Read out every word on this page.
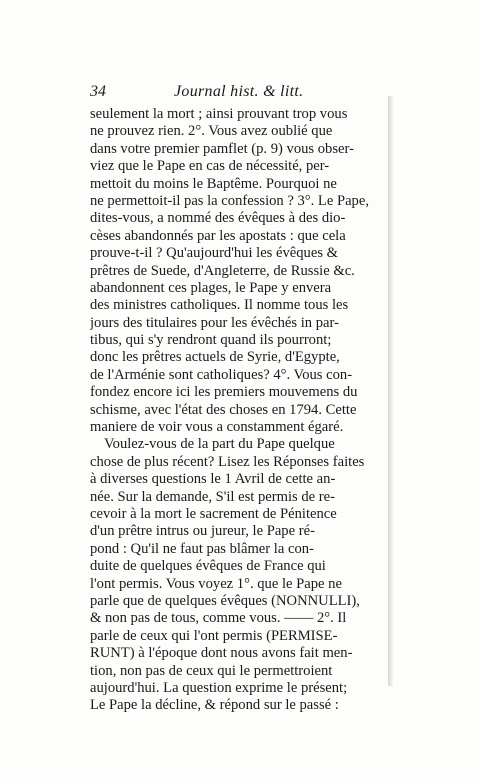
34	Journal hist. & litt.
seulement la mort ; ainsi prouvant trop vous
ne prouvez rien. 2°. Vous avez oublié que
dans votre premier pamflet (p. 9) vous obser-
viez que le Pape en cas de nécessité, per-
mettoit du moins le Baptême. Pourquoi ne
ne permettoit-il pas la confession ? 3°. Le Pape,
dites-vous, a nommé des évêques à des dio-
cèses abandonnés par les apostats : que cela
prouve-t-il ? Qu'aujourd'hui les évêques &
prêtres de Suede, d'Angleterre, de Russie &c.
abandonnent ces plages, le Pape y envera
des ministres catholiques. Il nomme tous les
jours des titulaires pour les évêchés in par-
tibus, qui s'y rendront quand ils pourront;
donc les prêtres actuels de Syrie, d'Egypte,
de l'Arménie sont catholiques? 4°. Vous con-
fondez encore ici les premiers mouvemens du
schisme, avec l'état des choses en 1794. Cette
maniere de voir vous a constamment égaré.
Voulez-vous de la part du Pape quelque
chose de plus récent? Lisez les Réponses faites
à diverses questions le 1 Avril de cette an-
née. Sur la demande, S'il est permis de re-
cevoir à la mort le sacrement de Pénitence
d'un prêtre intrus ou jureur, le Pape ré-
pond : Qu'il ne faut pas blâmer la con-
duite de quelques évêques de France qui
l'ont permis. Vous voyez 1°. que le Pape ne
parle que de quelques évêques (NONNULLI),
& non pas de tous, comme vous. —— 2°. Il
parle de ceux qui l'ont permis (PERMISE-
RUNT) à l'époque dont nous avons fait men-
tion, non pas de ceux qui le permettroient
aujourd'hui. La question exprime le présent;
Le Pape la décline, & répond sur le passé :
